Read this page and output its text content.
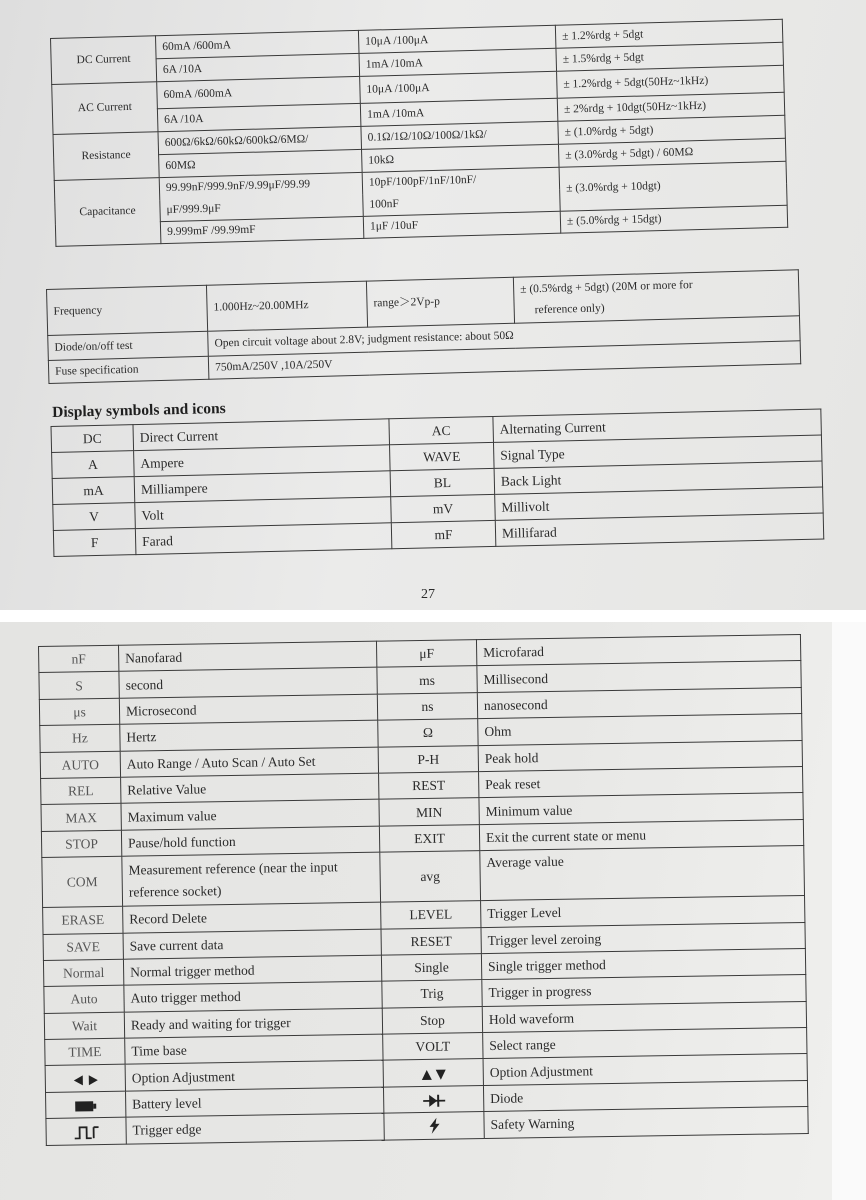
DC Current	60mA /600mA	10μA /100μA	± 1.2%rdg + 5dgt
	6A /10A	1mA /10mA	± 1.5%rdg + 5dgt
AC Current	60mA /600mA	10μA /100μA	± 1.2%rdg + 5dgt(50Hz~1kHz)
	6A /10A	1mA /10mA	± 2%rdg + 10dgt(50Hz~1kHz)
Resistance	600Ω/6kΩ/60kΩ/600kΩ/6MΩ/	0.1Ω/1Ω/10Ω/100Ω/1kΩ/	± (1.0%rdg + 5dgt)
	60MΩ	10kΩ	± (3.0%rdg + 5dgt) / 60MΩ
Capacitance	99.99nF/999.9nF/9.99μF/99.99	10pF/100pF/1nF/10nF/	± (3.0%rdg + 10dgt)
	μF/999.9μF	100nF	
	9.999mF /99.99mF	1μF /10uF	± (5.0%rdg + 15dgt)
Frequency	1.000Hz~20.00MHz	range＞2Vp-p	± (0.5%rdg + 5dgt) (20M or more for
reference only)

Diode/on/off test	Open circuit voltage about 2.8V; judgment resistance: about 50Ω		
Fuse specification	750mA/250V ,10A/250V		
Display symbols and icons
DC	Direct Current	AC	Alternating Current
A	Ampere	WAVE	Signal Type
mA	Milliampere	BL	Back Light
V	Volt	mV	Millivolt
F	Farad	mF	Millifarad
27
nF	Nanofarad	μF	Microfarad
S	second	ms	Millisecond
μs	Microsecond	ns	nanosecond
Hz	Hertz	Ω	Ohm
AUTO	Auto Range / Auto Scan / Auto Set	P-H	Peak hold
REL	Relative Value	REST	Peak reset
MAX	Maximum value	MIN	Minimum value
STOP	Pause/hold function	EXIT	Exit the current state or menu
COM	Measurement reference (near the input reference socket)	avg	Average value
ERASE	Record Delete	LEVEL	Trigger Level
SAVE	Save current data	RESET	Trigger level zeroing
Normal	Normal trigger method	Single	Single trigger method
Auto	Auto trigger method	Trig	Trigger in progress
Wait	Ready and waiting for trigger	Stop	Hold waveform
TIME	Time base	VOLT	Select range
	Option Adjustment		Option Adjustment
	Battery level		Diode
	Trigger edge		Safety Warning
